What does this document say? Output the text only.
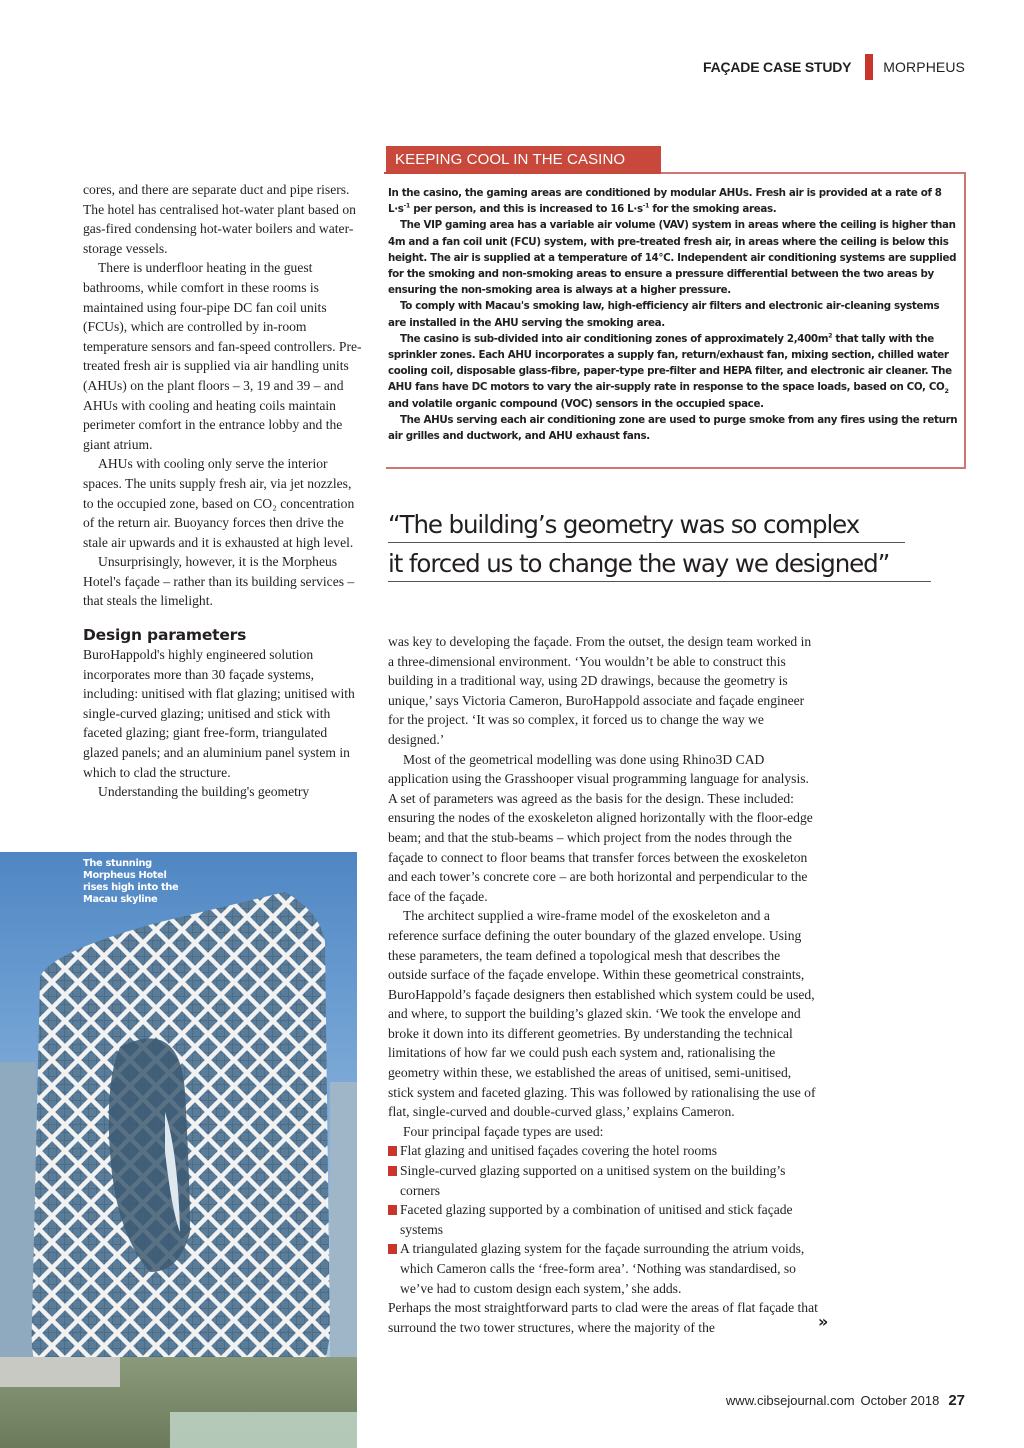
FAÇADE CASE STUDY MORPHEUS

cores, and there are separate duct and pipe risers. The hotel has centralised hot-water plant based on gas-fired condensing hot-water boilers and water-storage vessels.

There is underfloor heating in the guest bathrooms, while comfort in these rooms is maintained using four-pipe DC fan coil units (FCUs), which are controlled by in-room temperature sensors and fan-speed controllers. Pre-treated fresh air is supplied via air handling units (AHUs) on the plant floors – 3, 19 and 39 – and AHUs with cooling and heating coils maintain perimeter comfort in the entrance lobby and the giant atrium.

AHUs with cooling only serve the interior spaces. The units supply fresh air, via jet nozzles, to the occupied zone, based on CO₂ concentration of the return air. Buoyancy forces then drive the stale air upwards and it is exhausted at high level.

Unsurprisingly, however, it is the Morpheus Hotel's façade – rather than its building services – that steals the limelight.

Design parameters

BuroHappold's highly engineered solution incorporates more than 30 façade systems, including: unitised with flat glazing; unitised with single-curved glazing; unitised and stick with faceted glazing; giant free-form, triangulated glazed panels; and an aluminium panel system in which to clad the structure.

Understanding the building's geometry

KEEPING COOL IN THE CASINO

In the casino, the gaming areas are conditioned by modular AHUs. Fresh air is provided at a rate of 8 $L\cdot s^{-1}$ per person, and this is increased to 16 $L\cdot s^{-1}$ for the smoking areas.

The VIP gaming area has a variable air volume (VAV) system in areas where the ceiling is higher than 4m and a fan coil unit (FCU) system, with pre-treated fresh air, in areas where the ceiling is below this height. The air is supplied at a temperature of 14°C. Independent air conditioning systems are supplied for the smoking and non-smoking areas to ensure a pressure differential between the two areas by ensuring the non-smoking area is always at a higher pressure.

To comply with Macau's smoking law, high-efficiency air filters and electronic air-cleaning systems are installed in the AHU serving the smoking area.

The casino is sub-divided into air conditioning zones of approximately $2,400m^2$ that tally with the sprinkler zones. Each AHU incorporates a supply fan, return/exhaust fan, mixing section, chilled water cooling coil, disposable glass-fibre, paper-type pre-filter and HEPA filter, and electronic air cleaner. The AHU fans have DC motors to vary the air-supply rate in response to the space loads, based on CO, $CO_2$ and volatile organic compound (VOC) sensors in the occupied space.

The AHUs serving each air conditioning zone are used to purge smoke from any fires using the return air grilles and ductwork, and AHU exhaust fans.

“The building’s geometry was so complex
it forced us to change the way we designed”

was key to developing the façade. From the outset, the design team worked in a three-dimensional environment. ‘You wouldn’t be able to construct this building in a traditional way, using 2D drawings, because the geometry is unique,’ says Victoria Cameron, BuroHappold associate and façade engineer for the project. ‘It was so complex, it forced us to change the way we designed.’

Most of the geometrical modelling was done using Rhino3D CAD application using the Grasshooper visual programming language for analysis. A set of parameters was agreed as the basis for the design. These included: ensuring the nodes of the exoskeleton aligned horizontally with the floor-edge beam; and that the stub-beams – which project from the nodes through the façade to connect to floor beams that transfer forces between the exoskeleton and each tower’s concrete core – are both horizontal and perpendicular to the face of the façade.

The architect supplied a wire-frame model of the exoskeleton and a reference surface defining the outer boundary of the glazed envelope. Using these parameters, the team defined a topological mesh that describes the outside surface of the façade envelope. Within these geometrical constraints, BuroHappold’s façade designers then established which system could be used, and where, to support the building’s glazed skin. ‘We took the envelope and broke it down into its different geometries. By understanding the technical limitations of how far we could push each system and, rationalising the geometry within these, we established the areas of unitised, semi-unitised, stick system and faceted glazing. This was followed by rationalising the use of flat, single-curved and double-curved glass,’ explains Cameron.

Four principal façade types are used:

Flat glazing and unitised façades covering the hotel rooms
Single-curved glazing supported on a unitised system on the building’s corners
Faceted glazing supported by a combination of unitised and stick façade systems
A triangulated glazing system for the façade surrounding the atrium voids, which Cameron calls the ‘free-form area’. ‘Nothing was standardised, so we’ve had to custom design each system,’ she adds.

Perhaps the most straightforward parts to clad were the areas of flat façade that surround the two tower structures, where the majority of the	»
The stunning Morpheus Hotel rises high into the Macau skyline
www.cibsejournal.com October 2018 27
